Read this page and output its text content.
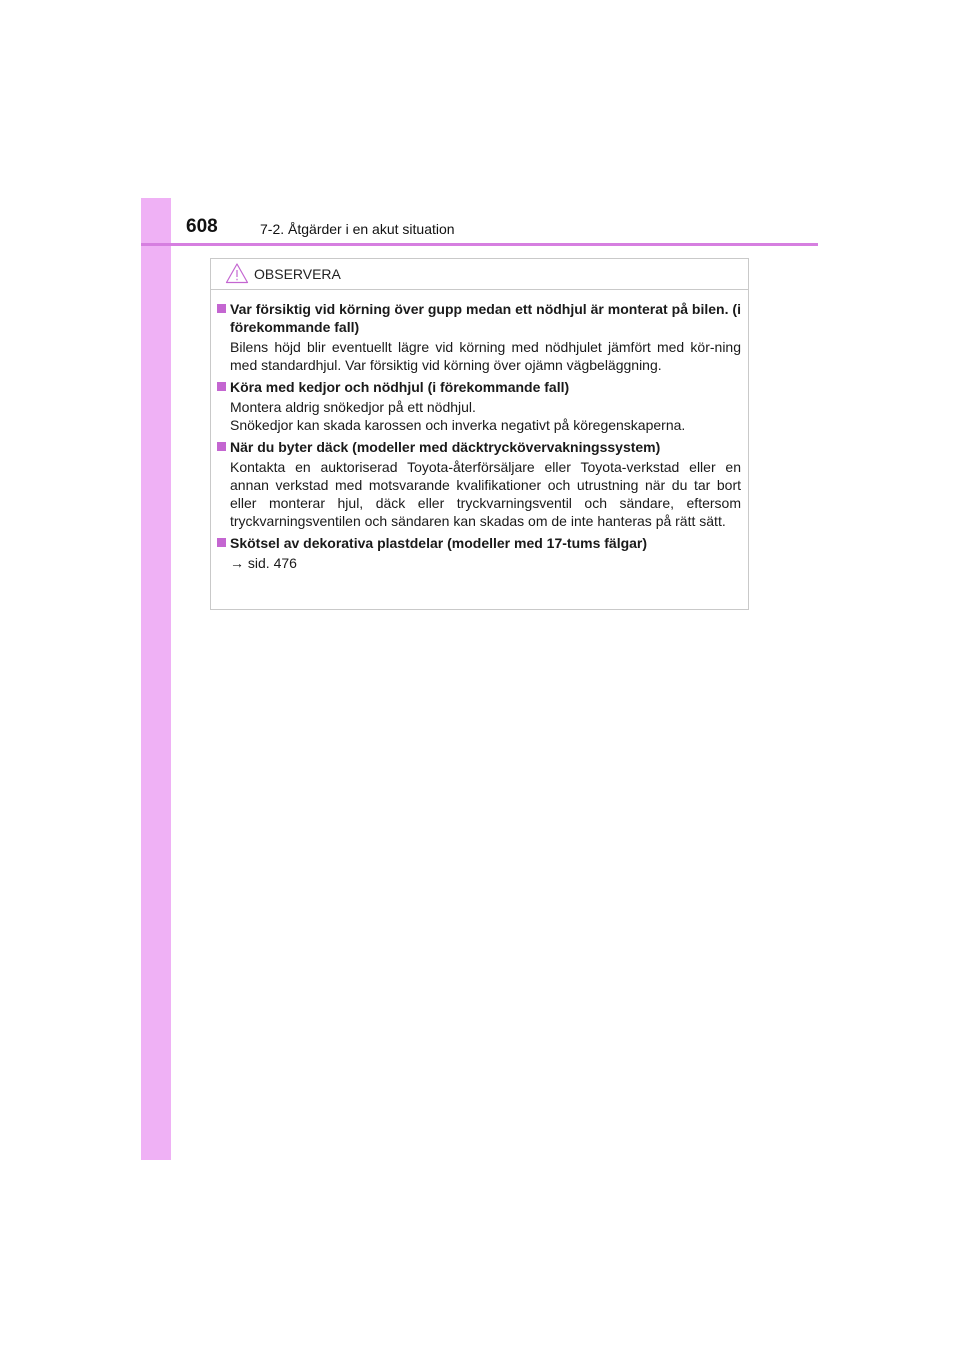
608	7-2. Åtgärder i en akut situation
OBSERVERA
Var försiktig vid körning över gupp medan ett nödhjul är monterat på bilen. (i förekommande fall)

Bilens höjd blir eventuellt lägre vid körning med nödhjulet jämfört med kör-ning med standardhjul. Var försiktig vid körning över ojämn vägbeläggning.

Köra med kedjor och nödhjul (i förekommande fall)

Montera aldrig snökedjor på ett nödhjul.

Snökedjor kan skada karossen och inverka negativt på köregenskaperna.

När du byter däck (modeller med däcktryckövervakningssystem)

Kontakta en auktoriserad Toyota-återförsäljare eller Toyota-verkstad eller en annan verkstad med motsvarande kvalifikationer och utrustning när du tar bort eller monterar hjul, däck eller tryckvarningsventil och sändare, eftersom tryckvarningsventilen och sändaren kan skadas om de inte hanteras på rätt sätt.

Skötsel av dekorativa plastdelar (modeller med 17-tums fälgar)

→ sid. 476
